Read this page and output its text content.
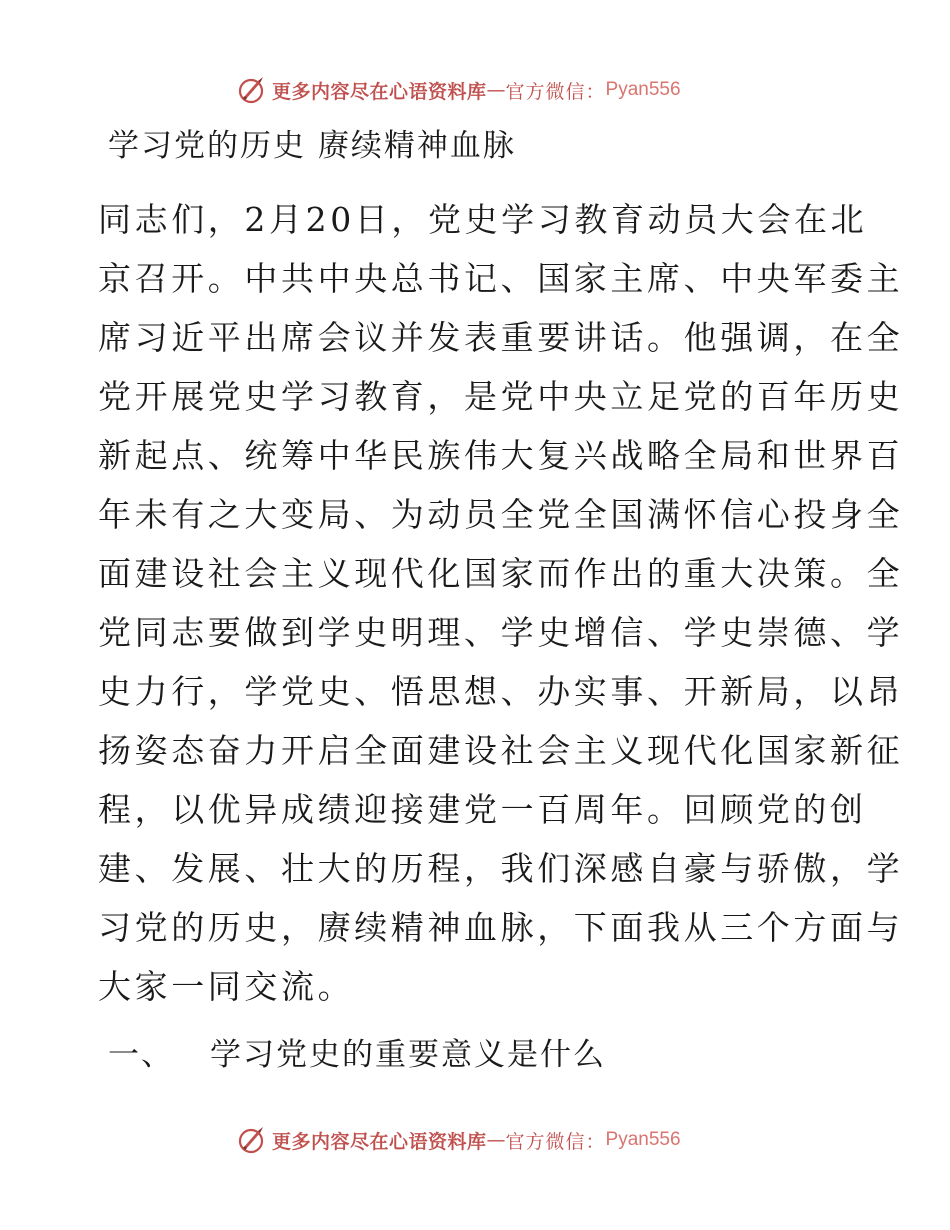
更多内容尽在心语资料库 — 官方微信： Pyan556
学习党的历史 赓续精神血脉
同志们，2月20日，党史学习教育动员大会在北
京召开。中共中央总书记、国家主席、中央军委主
席习近平出席会议并发表重要讲话。他强调，在全
党开展党史学习教育，是党中央立足党的百年历史
新起点、统筹中华民族伟大复兴战略全局和世界百
年未有之大变局、为动员全党全国满怀信心投身全
面建设社会主义现代化国家而作出的重大决策。全
党同志要做到学史明理、学史增信、学史崇德、学
史力行，学党史、悟思想、办实事、开新局，以昂
扬姿态奋力开启全面建设社会主义现代化国家新征
程，以优异成绩迎接建党一百周年。回顾党的创
建、发展、壮大的历程，我们深感自豪与骄傲，学
习党的历史，赓续精神血脉，下面我从三个方面与
大家一同交流。
一、 学习党史的重要意义是什么
更多内容尽在心语资料库 — 官方微信： Pyan556
